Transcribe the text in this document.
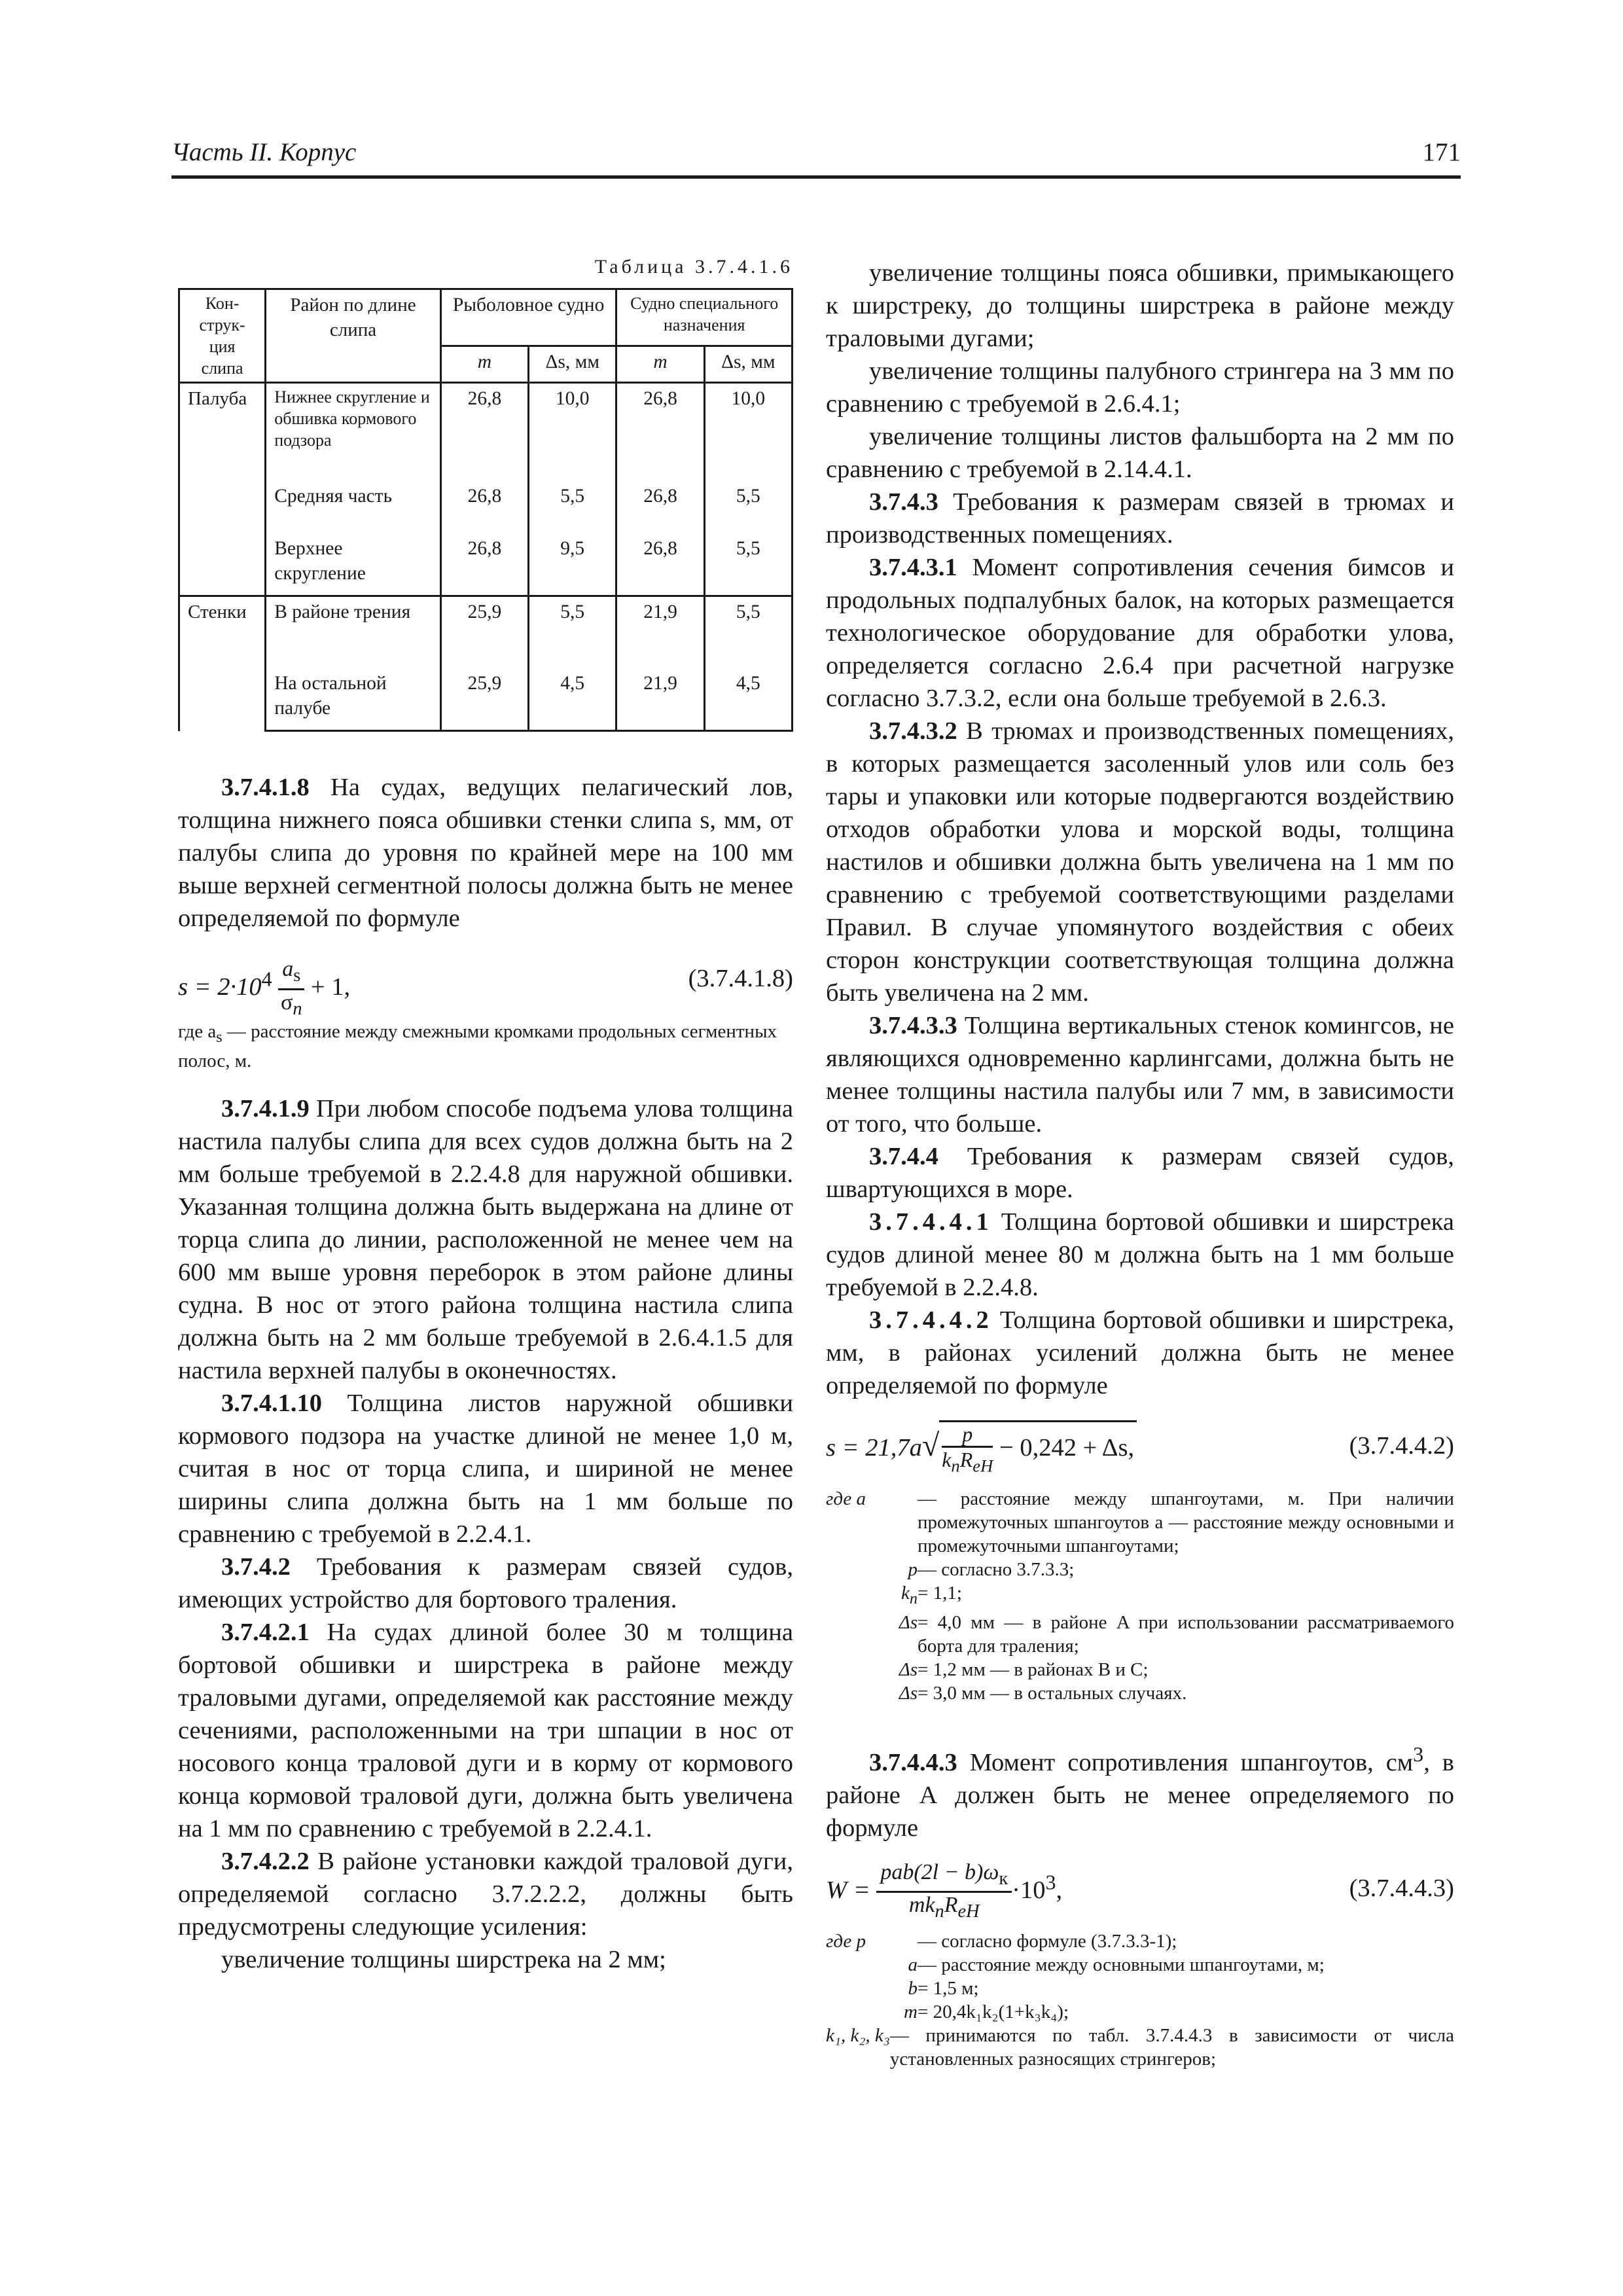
Часть II. Корпус	171
Таблица 3.7.4.1.6
Кон-струк-ция слипа	Район по длине слипа	Рыболовное судно		Судно специального назначения	
		m	Δs, мм	m	Δs, мм
Палуба	Нижнее скругление и обшивка кормового подзора	26,8	10,0	26,8	10,0
	Средняя часть	26,8	5,5	26,8	5,5
	Верхнее скругление	26,8	9,5	26,8	5,5
Стенки	В районе трения	25,9	5,5	21,9	5,5
	На остальной палубе	25,9	4,5	21,9	4,5

3.7.4.1.8 На судах, ведущих пелагический лов, толщина нижнего пояса обшивки стенки слипа s, мм, от палубы слипа до уровня по крайней мере на 100 мм выше верхней сегментной полосы должна быть не менее определяемой по формуле

$s = 2\cdot 10^4 \frac{a_s}{\sigma_n} + 1$,	(3.7.4.1.8)

где $a_s$ — расстояние между смежными кромками продольных сегментных полос, м.

3.7.4.1.9 При любом способе подъема улова толщина настила палубы слипа для всех судов должна быть на 2 мм больше требуемой в 2.2.4.8 для наружной обшивки. Указанная толщина должна быть выдержана на длине от торца слипа до линии, расположенной не менее чем на 600 мм выше уровня переборок в этом районе длины судна. В нос от этого района толщина настила слипа должна быть на 2 мм больше требуемой в 2.6.4.1.5 для настила верхней палубы в оконечностях.

3.7.4.1.10 Толщина листов наружной обшивки кормового подзора на участке длиной не менее 1,0 м, считая в нос от торца слипа, и шириной не менее ширины слипа должна быть на 1 мм больше по сравнению с требуемой в 2.2.4.1.

3.7.4.2 Требования к размерам связей судов, имеющих устройство для бортового траления.

3.7.4.2.1 На судах длиной более 30 м толщина бортовой обшивки и ширстрека в районе между траловыми дугами, определяемой как расстояние между сечениями, расположенными на три шпации в нос от носового конца траловой дуги и в корму от кормового конца кормовой траловой дуги, должна быть увеличена на 1 мм по сравнению с требуемой в 2.2.4.1.

3.7.4.2.2 В районе установки каждой траловой дуги, определяемой согласно 3.7.2.2.2, должны быть предусмотрены следующие усиления:

увеличение толщины ширстрека на 2 мм;

увеличение толщины пояса обшивки, примыкающего к ширстреку, до толщины ширстрека в районе между траловыми дугами;

увеличение толщины палубного стрингера на 3 мм по сравнению с требуемой в 2.6.4.1;

увеличение толщины листов фальшборта на 2 мм по сравнению с требуемой в 2.14.4.1.

3.7.4.3 Требования к размерам связей в трюмах и производственных помещениях.

3.7.4.3.1 Момент сопротивления сечения бимсов и продольных подпалубных балок, на которых размещается технологическое оборудование для обработки улова, определяется согласно 2.6.4 при расчетной нагрузке согласно 3.7.3.2, если она больше требуемой в 2.6.3.

3.7.4.3.2 В трюмах и производственных помещениях, в которых размещается засоленный улов или соль без тары и упаковки или которые подвергаются воздействию отходов обработки улова и морской воды, толщина настилов и обшивки должна быть увеличена на 1 мм по сравнению с требуемой соответствующими разделами Правил. В случае упомянутого воздействия с обеих сторон конструкции соответствующая толщина должна быть увеличена на 2 мм.

3.7.4.3.3 Толщина вертикальных стенок комингсов, не являющихся одновременно карлингсами, должна быть не менее толщины настила палубы или 7 мм, в зависимости от того, что больше.

3.7.4.4 Требования к размерам связей судов, швартующихся в море.

3.7.4.4.1 Толщина бортовой обшивки и ширстрека судов длиной менее 80 м должна быть на 1 мм больше требуемой в 2.2.4.8.

3.7.4.4.2 Толщина бортовой обшивки и ширстрека, мм, в районах усилений должна быть не менее определяемой по формуле

$s = 21,7a√ \frac{p}{k_nR_{eH}} - 0,242 + \Delta s$,	(3.7.4.4.2)
где a	— расстояние между шпангоутами, м. При наличии промежуточных шпангоутов a — расстояние между основными и промежуточными шпангоутами;
p — согласно 3.7.3.3;
$k_n = 1,1$;
Δs = 4,0 мм — в районе A при использовании рассматриваемого борта для траления;
Δs = 1,2 мм — в районах B и C;
Δs = 3,0 мм — в остальных случаях.

3.7.4.4.3 Момент сопротивления шпангоутов, $см^3$, в районе A должен быть не менее определяемого по формуле

$W = \frac{pab(2l - b)\omega_к}{mk_nR_{eH}} \cdot 10^3$,	(3.7.4.4.3)
где p	— согласно формуле (3.7.3.3-1);
a — расстояние между основными шпангоутами, м;
b = 1,5 м;
m = 20,4k₁k₂(1+k₃k₄);
k₁, k₂, k₃ — принимаются по табл. 3.7.4.4.3 в зависимости от числа установленных разносящих стрингеров;
